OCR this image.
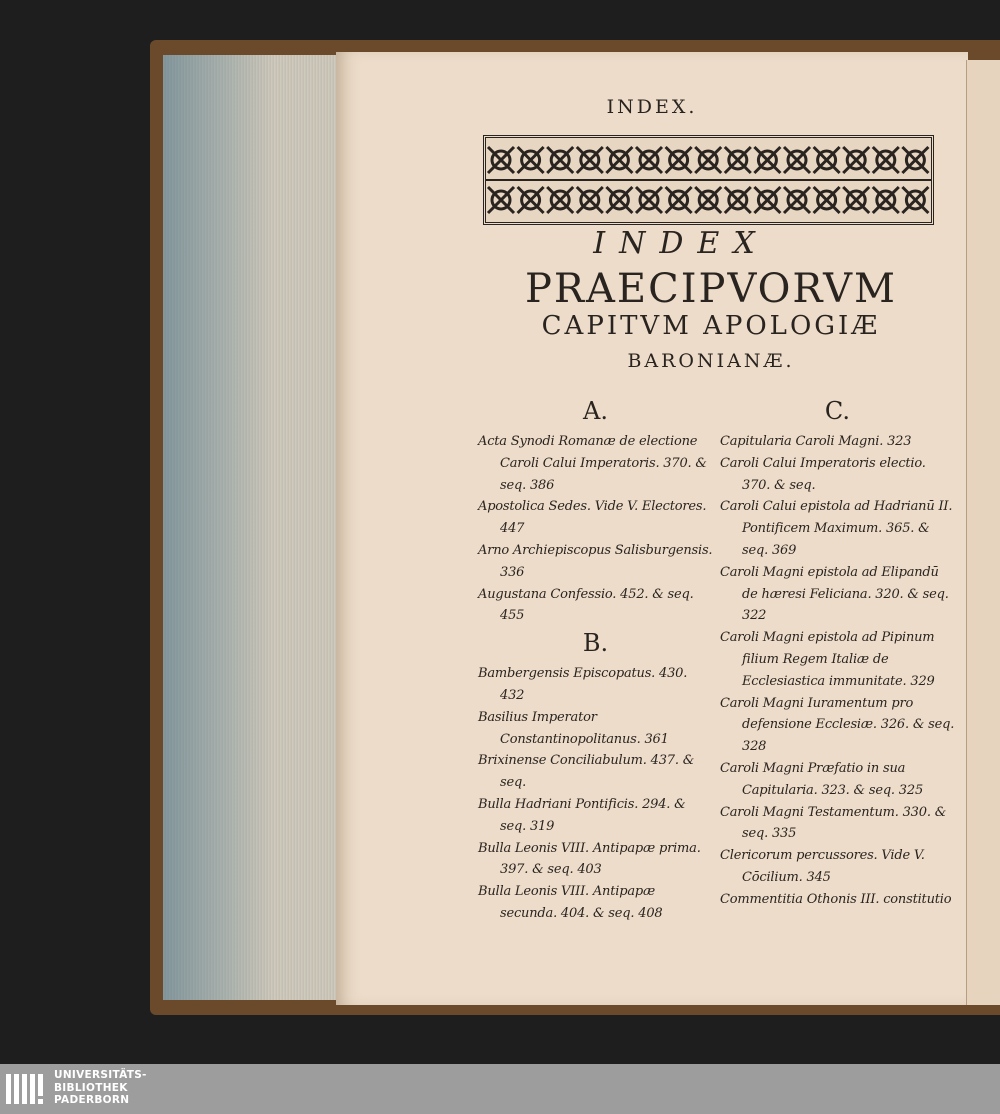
INDEX.
INDEX
PRAECIPVORVM
CAPITVM APOLOGIÆ
BARONIANÆ.
A.

Acta Synodi Romanæ de electione Caroli Calui Imperatoris. 370. & seq. 386

Apostolica Sedes. Vide V. Electores. 447

Arno Archiepiscopus Salisburgensis. 336

Augustana Confessio. 452. & seq. 455

B.

Bambergensis Episcopatus. 430. 432

Basilius Imperator Constantinopolitanus. 361

Brixinense Conciliabulum. 437. & seq.

Bulla Hadriani Pontificis. 294. & seq. 319

Bulla Leonis VIII. Antipapæ prima. 397. & seq. 403

Bulla Leonis VIII. Antipapæ secunda. 404. & seq. 408

C.

Capitularia Caroli Magni. 323

Caroli Calui Imperatoris electio. 370. & seq.

Caroli Calui epistola ad Hadrianū II. Pontificem Maximum. 365. & seq. 369

Caroli Magni epistola ad Elipandū de hæresi Feliciana. 320. & seq. 322

Caroli Magni epistola ad Pipinum filium Regem Italiæ de Ecclesiastica immunitate. 329

Caroli Magni Iuramentum pro defensione Ecclesiæ. 326. & seq. 328

Caroli Magni Præfatio in sua Capitularia. 323. & seq. 325

Caroli Magni Testamentum. 330. & seq. 335

Clericorum percussores. Vide V. Cōcilium. 345

Commentitia Othonis III. constitutio

UNIVERSITÄTS-
BIBLIOTHEK
PADERBORN
